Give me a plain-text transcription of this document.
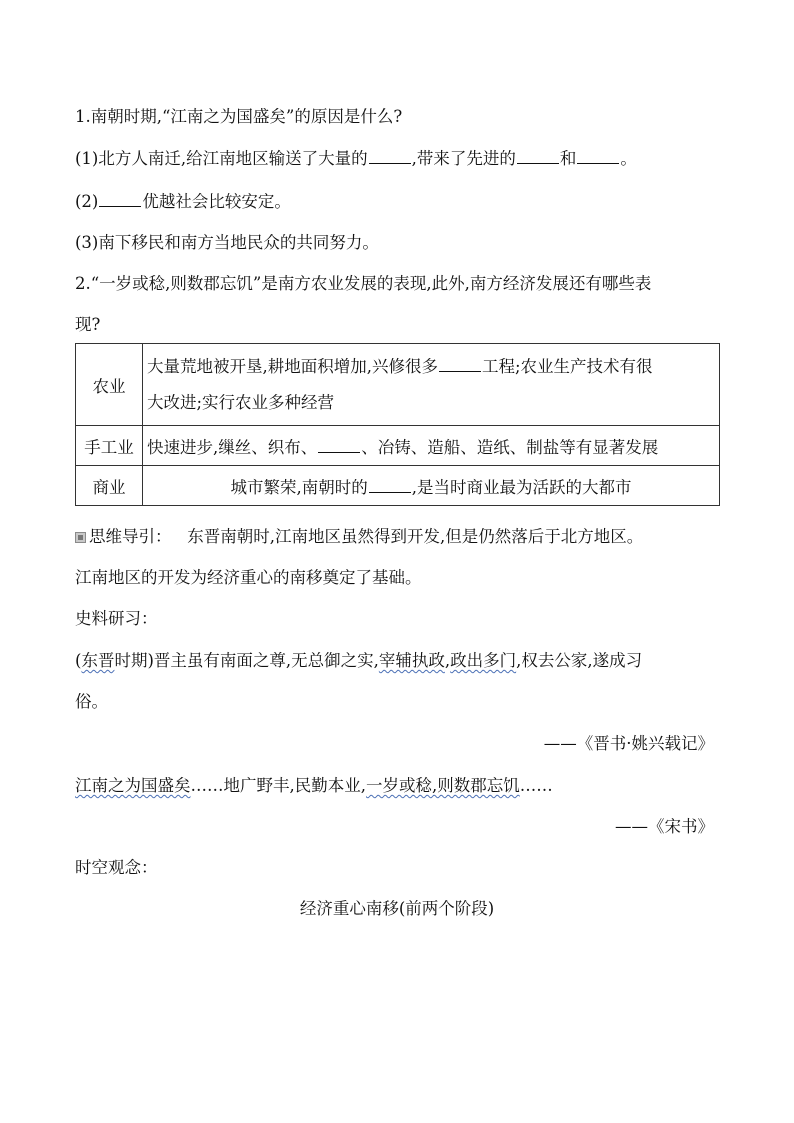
1.南朝时期,“江南之为国盛矣”的原因是什么?
(1)北方人南迁,给江南地区输送了大量的	,带来了先进的	和	。
(2)	优越社会比较安定。
(3)南下移民和南方当地民众的共同努力。
2.“一岁或稔,则数郡忘饥”是南方农业发展的表现,此外,南方经济发展还有哪些表
现?
农业	大量荒地被开垦,耕地面积增加,兴修很多 工程;农业生产技术有很
大改进;实行农业多种经营
手工业	快速进步,缫丝、织布、 、冶铸、造船、造纸、制盐等有显著发展
商业	城市繁荣,南朝时的 ,是当时商业最为活跃的大都市
思维导引： 东晋南朝时,江南地区虽然得到开发,但是仍然落后于北方地区。
江南地区的开发为经济重心的南移奠定了基础。
史料研习：
(东晋时期)晋主虽有南面之尊,无总御之实,宰辅执政,政出多门,权去公家,遂成习
俗。
——《晋书·姚兴载记》
江南之为国盛矣……地广野丰,民勤本业,一岁或稔,则数郡忘饥……
——《宋书》
时空观念：
经济重心南移(前两个阶段)
